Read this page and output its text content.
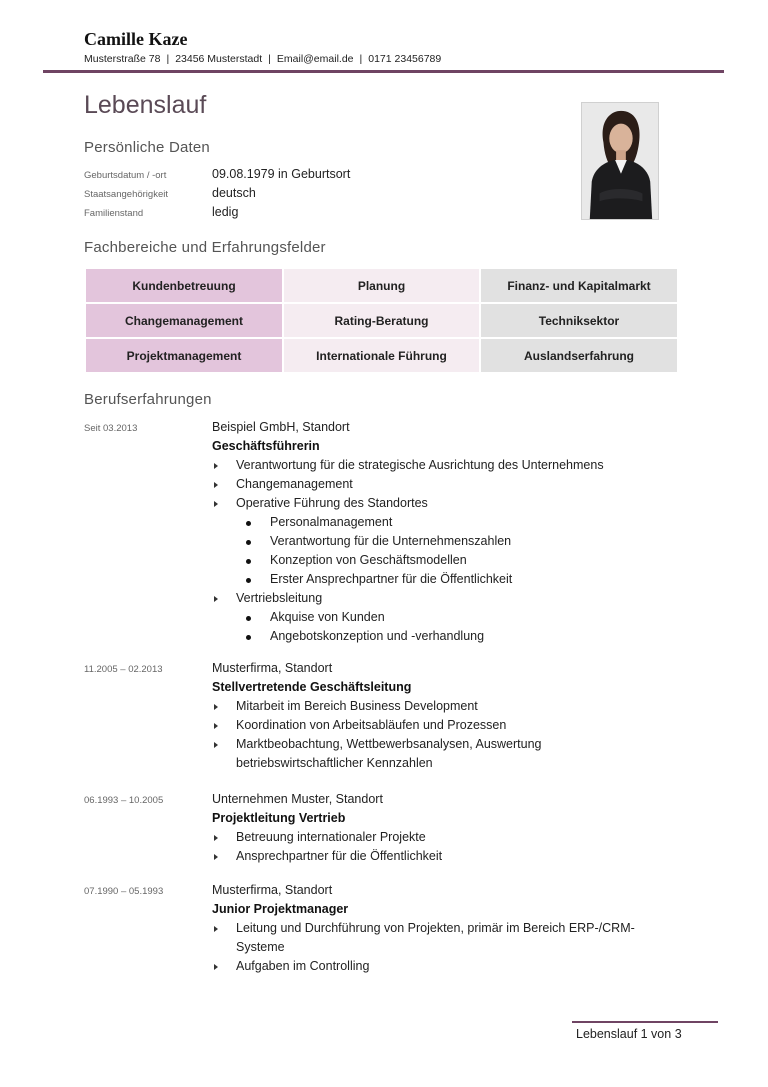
Camille Kaze
Musterstraße 78 | 23456 Musterstadt | Email@email.de | 0171 23456789
Lebenslauf
Persönliche Daten
Geburtsdatum / -ort	09.08.1979 in Geburtsort
Staatsangehörigkeit	deutsch
Familienstand	ledig
Fachbereiche und Erfahrungsfelder
Kundenbetreuung	Planung	Finanz- und Kapitalmarkt
Changemanagement	Rating-Beratung	Techniksektor
Projektmanagement	Internationale Führung	Auslandserfahrung
Berufserfahrungen
Seit 03.2013	Beispiel GmbH, Standort
Geschäftsführerin
Verantwortung für die strategische Ausrichtung des Unternehmens
Changemanagement
Operative Führung des Standortes
Personalmanagement
Verantwortung für die Unternehmenszahlen
Konzeption von Geschäftsmodellen
Erster Ansprechpartner für die Öffentlichkeit
Vertriebsleitung
Akquise von Kunden
Angebotskonzeption und -verhandlung
11.2005 – 02.2013	Musterfirma, Standort
Stellvertretende Geschäftsleitung
Mitarbeit im Bereich Business Development
Koordination von Arbeitsabläufen und Prozessen
Marktbeobachtung, Wettbewerbsanalysen, Auswertung
betriebswirtschaftlicher Kennzahlen
06.1993 – 10.2005	Unternehmen Muster, Standort
Projektleitung Vertrieb
Betreuung internationaler Projekte
Ansprechpartner für die Öffentlichkeit
07.1990 – 05.1993	Musterfirma, Standort
Junior Projektmanager
Leitung und Durchführung von Projekten, primär im Bereich ERP-/CRM-
Systeme
Aufgaben im Controlling
Lebenslauf 1 von 3
